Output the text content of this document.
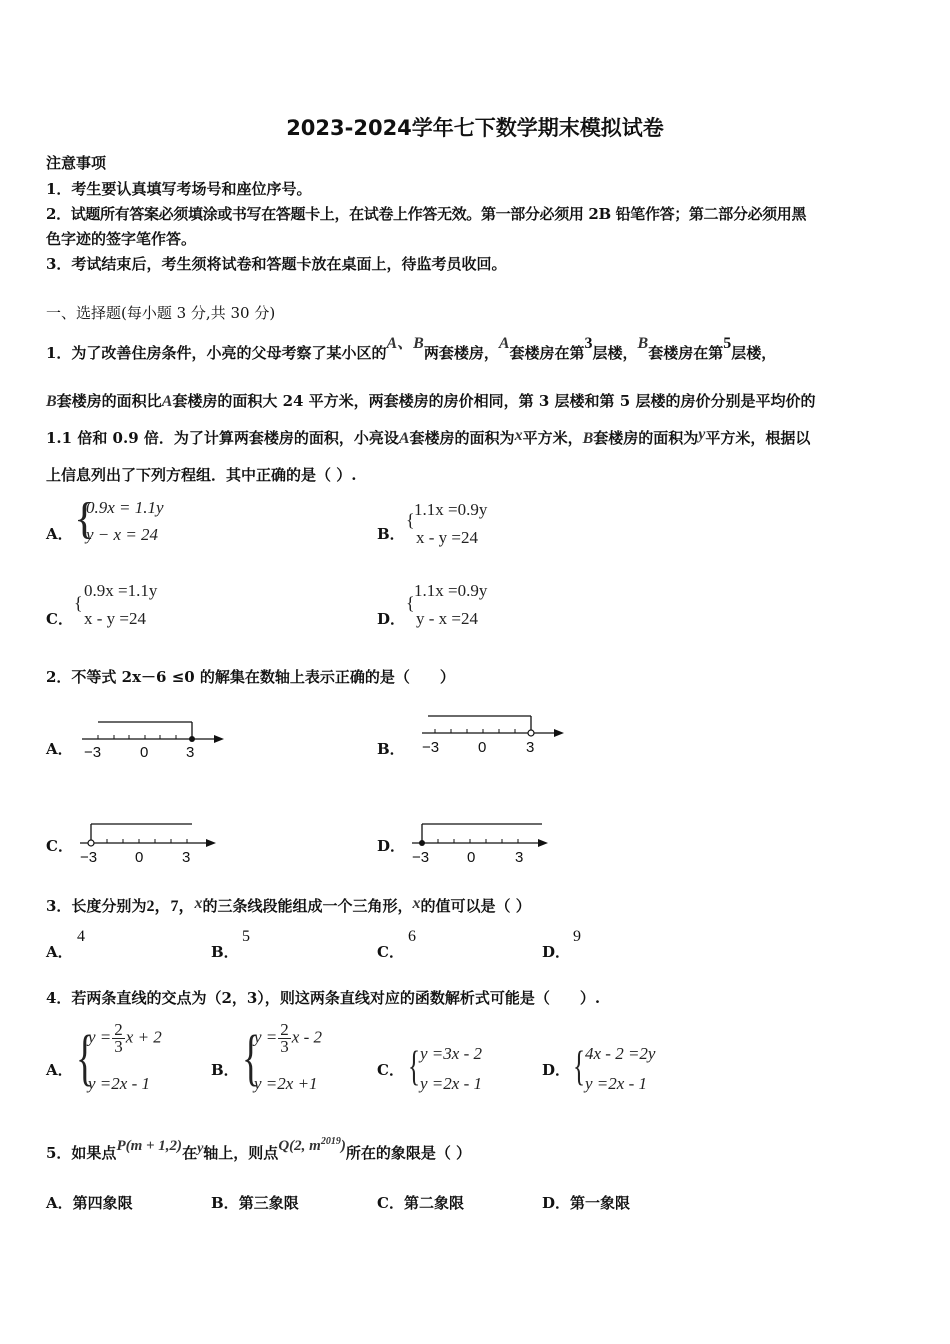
2023-2024学年七下数学期末模拟试卷
注意事项
1．考生要认真填写考场号和座位序号。
2．试题所有答案必须填涂或书写在答题卡上，在试卷上作答无效。第一部分必须用 2B 铅笔作答；第二部分必须用黑
色字迹的签字笔作答。
3．考试结束后，考生须将试卷和答题卡放在桌面上，待监考员收回。
一、选择题(每小题 3 分,共 30 分)
1．为了改善住房条件，小亮的父母考察了某小区的A、B两套楼房，A套楼房在第3层楼，B套楼房在第5层楼，
B套楼房的面积比A套楼房的面积大 24 平方米，两套楼房的房价相同，第 3 层楼和第 5 层楼的房价分别是平均价的
1.1 倍和 0.9 倍．为了计算两套楼房的面积，小亮设A套楼房的面积为x平方米，B套楼房的面积为y平方米，根据以
上信息列出了下列方程组．其中正确的是（ ）.
A． {
0.9x = 1.1y
y − x = 24	B．
{
1.1x =0.9y
x - y =24
C．
{
0.9x =1.1y
x - y =24	D．
{
1.1x =0.9y
y - x =24
2．不等式 2x－6 ≤0 的解集在数轴上表示正确的是（　　）
A． −3	0	3	B． −3	0	3
C．
−3	0	3
D．
−3	0	3
3．长度分别为2，7，x的三条线段能组成一个三角形，x的值可以是（ ）
A．
4
B．
5
C．
6
D．
9
4．若两条直线的交点为（2，3），则这两条直线对应的函数解析式可能是（　　）.
A． {
$y = \frac{2}{3}$ x + 2
y =2x - 1
B． {
$y = \frac{2}{3}$ x - 2
y =2x +1
C． { y =3x - 2
y =2x - 1
D． { 4x - 2 =2y
y =2x - 1
5．如果点P(m + 1,2)在y轴上，则点Q(2, $m^{2019}$)所在的象限是（ ）
A．第四象限	B．第三象限	C．第二象限	D．第一象限
